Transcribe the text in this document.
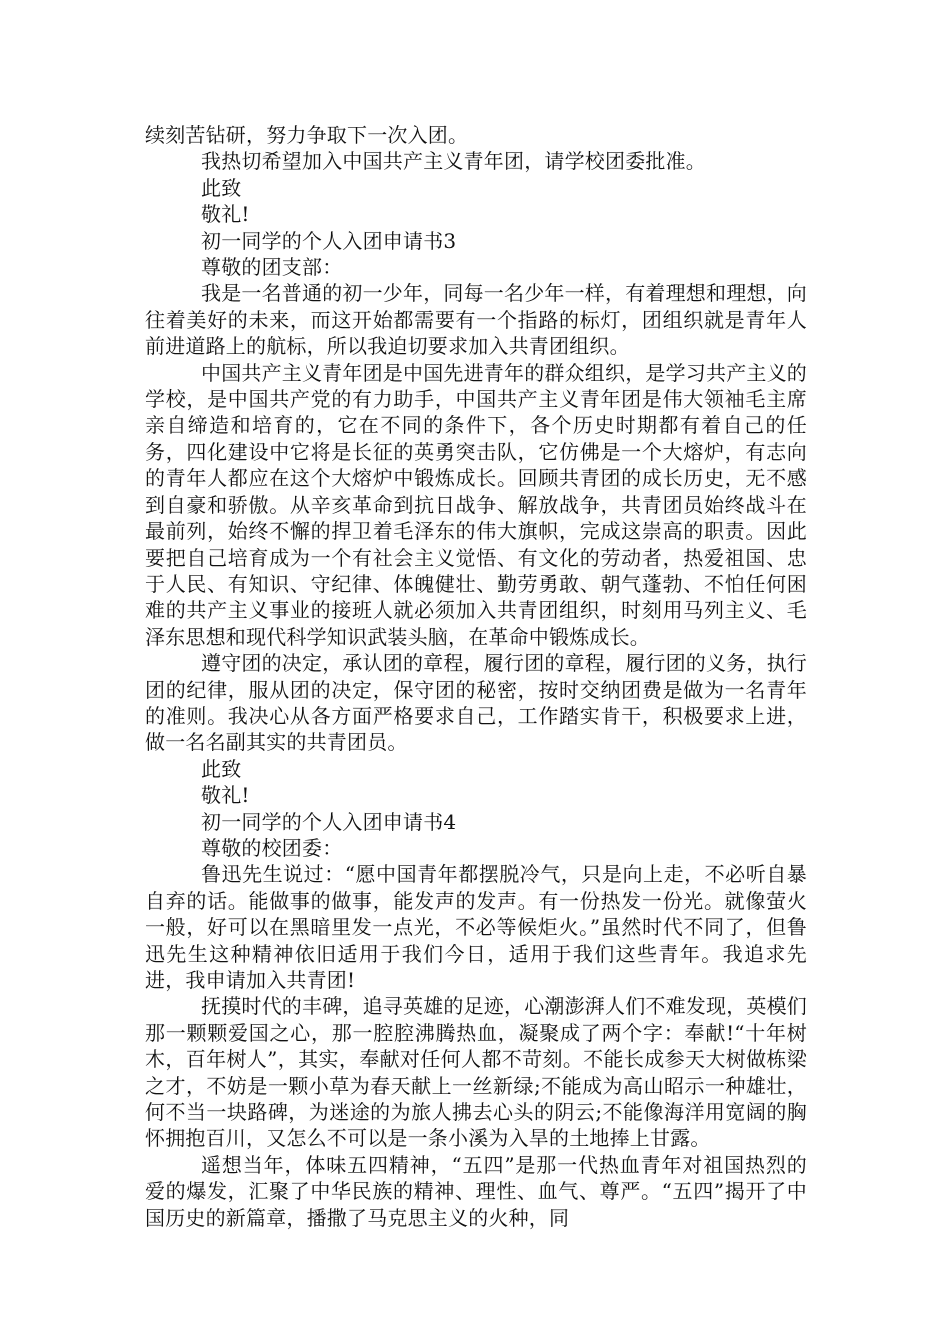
续刻苦钻研，努力争取下一次入团。

我热切希望加入中国共产主义青年团，请学校团委批准。

此致

敬礼!

初一同学的个人入团申请书3

尊敬的团支部：

我是一名普通的初一少年，同每一名少年一样，有着理想和理想，向往着美好的未来，而这开始都需要有一个指路的标灯，团组织就是青年人前进道路上的航标，所以我迫切要求加入共青团组织。

中国共产主义青年团是中国先进青年的群众组织，是学习共产主义的学校，是中国共产党的有力助手，中国共产主义青年团是伟大领袖毛主席亲自缔造和培育的，它在不同的条件下，各个历史时期都有着自己的任务，四化建设中它将是长征的英勇突击队，它仿佛是一个大熔炉，有志向的青年人都应在这个大熔炉中锻炼成长。回顾共青团的成长历史，无不感到自豪和骄傲。从辛亥革命到抗日战争、解放战争，共青团员始终战斗在最前列，始终不懈的捍卫着毛泽东的伟大旗帜，完成这崇高的职责。因此要把自己培育成为一个有社会主义觉悟、有文化的劳动者，热爱祖国、忠于人民、有知识、守纪律、体魄健壮、勤劳勇敢、朝气蓬勃、不怕任何困难的共产主义事业的接班人就必须加入共青团组织，时刻用马列主义、毛泽东思想和现代科学知识武装头脑，在革命中锻炼成长。

遵守团的决定，承认团的章程，履行团的章程，履行团的义务，执行团的纪律，服从团的决定，保守团的秘密，按时交纳团费是做为一名青年的准则。我决心从各方面严格要求自己，工作踏实肯干，积极要求上进，做一名名副其实的共青团员。

此致

敬礼!

初一同学的个人入团申请书4

尊敬的校团委：

鲁迅先生说过：“愿中国青年都摆脱冷气，只是向上走，不必听自暴自弃的话。能做事的做事，能发声的发声。有一份热发一份光。就像萤火一般，好可以在黑暗里发一点光，不必等候炬火。”虽然时代不同了，但鲁迅先生这种精神依旧适用于我们今日，适用于我们这些青年。我追求先进，我申请加入共青团!

抚摸时代的丰碑，追寻英雄的足迹，心潮澎湃人们不难发现，英模们那一颗颗爱国之心，那一腔腔沸腾热血，凝聚成了两个字：奉献!“十年树木，百年树人”，其实，奉献对任何人都不苛刻。不能长成参天大树做栋梁之才，不妨是一颗小草为春天献上一丝新绿;不能成为高山昭示一种雄壮，何不当一块路碑，为迷途的为旅人拂去心头的阴云;不能像海洋用宽阔的胸怀拥抱百川，又怎么不可以是一条小溪为入旱的土地捧上甘露。

遥想当年，体味五四精神，“五四”是那一代热血青年对祖国热烈的爱的爆发，汇聚了中华民族的精神、理性、血气、尊严。“五四”揭开了中国历史的新篇章，播撒了马克思主义的火种，同
